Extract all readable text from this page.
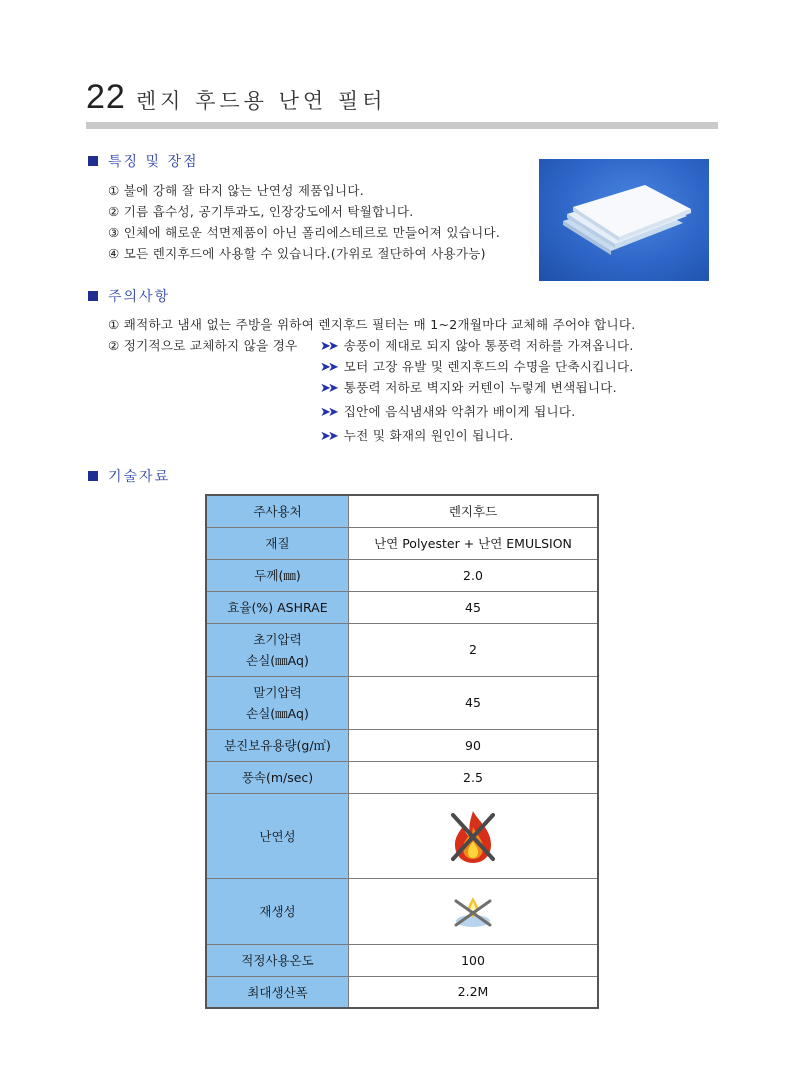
22 렌지 후드용 난연 필터
특징 및 장점
① 불에 강해 잘 타지 않는 난연성 제품입니다.
② 기름 흡수성, 공기투과도, 인장강도에서 탁월합니다.
③ 인체에 해로운 석면제품이 아닌 폴리에스테르로 만들어져 있습니다.
④ 모든 렌지후드에 사용할 수 있습니다.(가위로 절단하여 사용가능)
주의사항
① 쾌적하고 냄새 없는 주방을 위하여 렌지후드 필터는 매 1~2개월마다 교체해 주어야 합니다.
② 정기적으로 교체하지 않을 경우 ➤➤ 송풍이 제대로 되지 않아 통풍력 저하를 가져옵니다.
➤➤ 모터 고장 유발 및 렌지후드의 수명을 단축시킵니다.
➤➤ 통풍력 저하로 벽지와 커텐이 누렇게 변색됩니다.
➤➤ 집안에 음식냄새와 악취가 배이게 됩니다.
➤➤ 누전 및 화재의 원인이 됩니다.
기술자료
주사용처	렌지후드
재질	난연 Polyester + 난연 EMULSION
두께(㎜)	2.0
효율(%) ASHRAE	45
초기압력
손실(㎜Aq)	2
말기압력
손실(㎜Aq)	45
분진보유용량(g/㎡)	90
풍속(m/sec)	2.5
난연성	

재생성	

적정사용온도	100
최대생산폭	2.2M
